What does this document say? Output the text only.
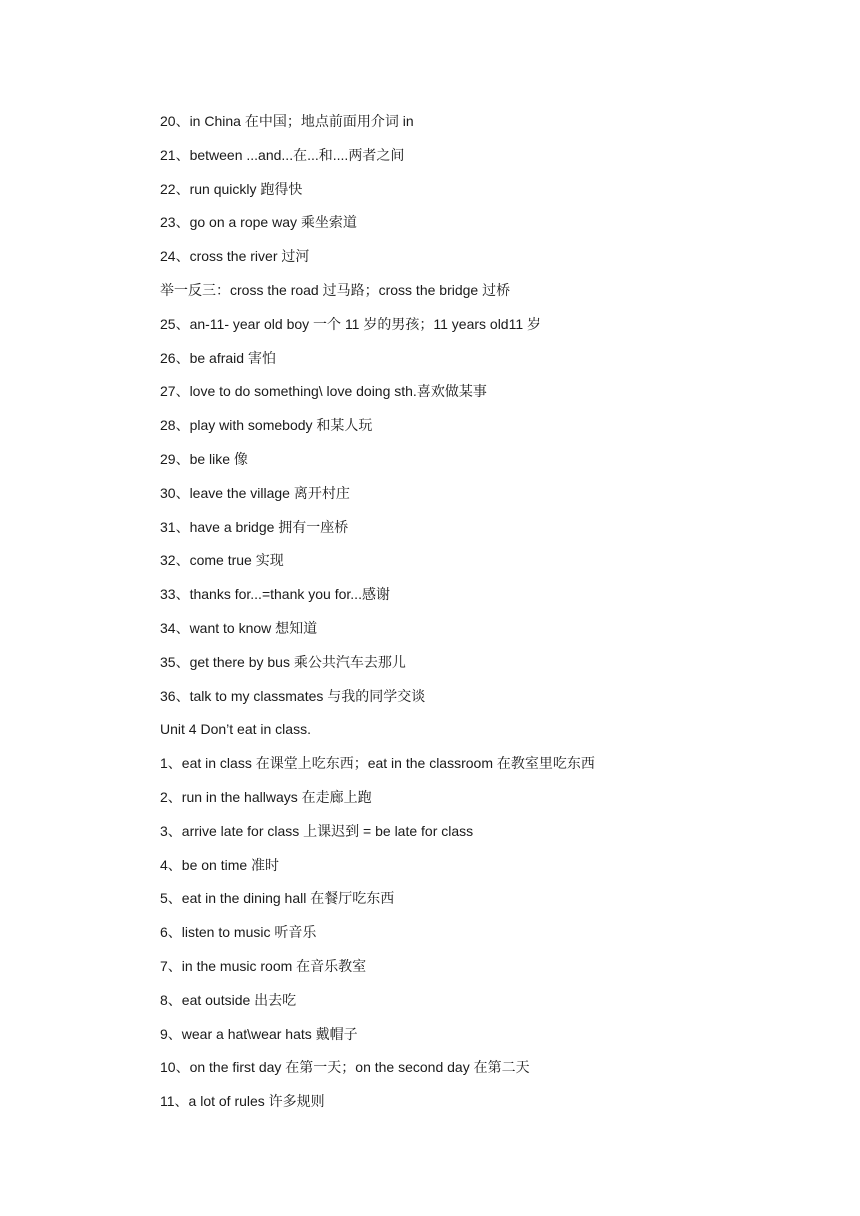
20、in China 在中国；地点前面用介词 in
21、between ...and...在...和....两者之间
22、run quickly 跑得快
23、go on a rope way 乘坐索道
24、cross the river 过河
举一反三：cross the road 过马路；cross the bridge 过桥
25、an-11- year old boy 一个 11 岁的男孩；11 years old11 岁
26、be afraid 害怕
27、love to do something\ love doing sth.喜欢做某事
28、play with somebody 和某人玩
29、be like 像
30、leave the village 离开村庄
31、have a bridge 拥有一座桥
32、come true 实现
33、thanks for...=thank you for...感谢
34、want to know 想知道
35、get there by bus 乘公共汽车去那儿
36、talk to my classmates 与我的同学交谈
Unit 4 Don’t eat in class.
1、eat in class 在课堂上吃东西；eat in the classroom 在教室里吃东西
2、run in the hallways 在走廊上跑
3、arrive late for class 上课迟到 = be late for class
4、be on time 准时
5、eat in the dining hall 在餐厅吃东西
6、listen to music 听音乐
7、in the music room 在音乐教室
8、eat outside 出去吃
9、wear a hat\wear hats 戴帽子
10、on the first day 在第一天；on the second day 在第二天
11、a lot of rules 许多规则
